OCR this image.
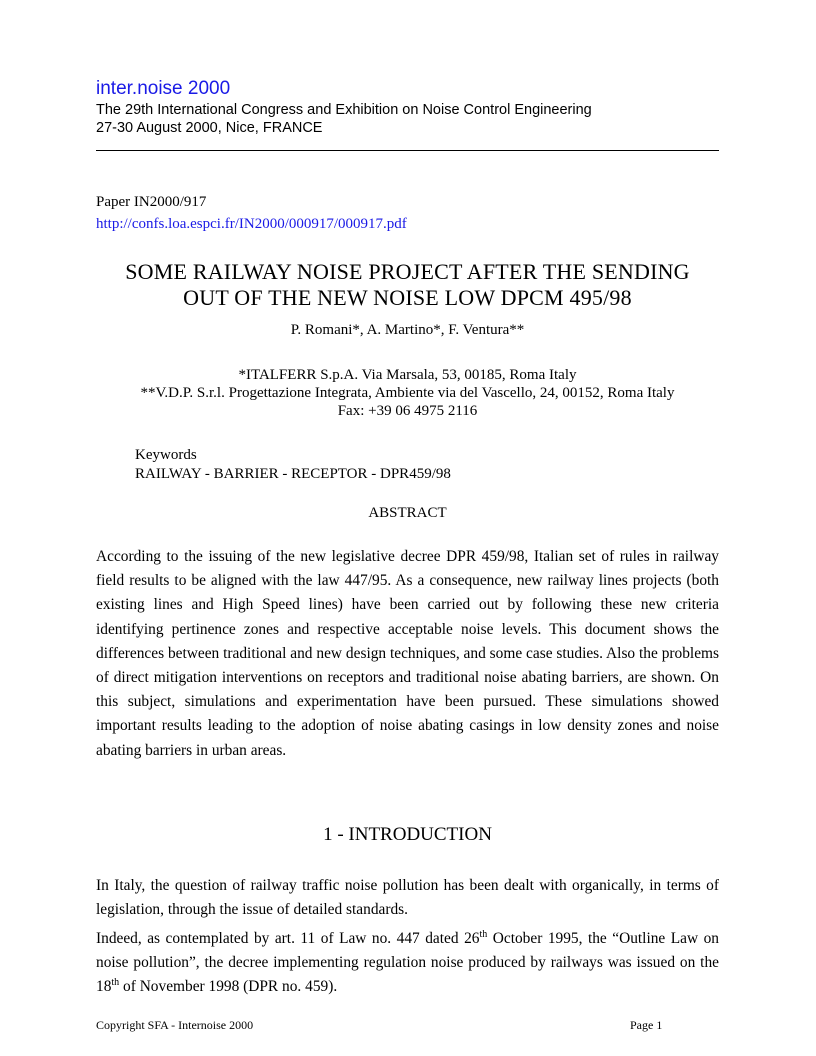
inter.noise 2000
The 29th International Congress and Exhibition on Noise Control Engineering
27-30 August 2000, Nice, FRANCE
Paper IN2000/917
http://confs.loa.espci.fr/IN2000/000917/000917.pdf
SOME RAILWAY NOISE PROJECT AFTER THE SENDING
OUT OF THE NEW NOISE LOW DPCM 495/98
P. Romani*, A. Martino*, F. Ventura**
*ITALFERR S.p.A. Via Marsala, 53, 00185, Roma Italy
**V.D.P. S.r.l. Progettazione Integrata, Ambiente via del Vascello, 24, 00152, Roma Italy
Fax: +39 06 4975 2116
Keywords
RAILWAY - BARRIER - RECEPTOR - DPR459/98
ABSTRACT

According to the issuing of the new legislative decree DPR 459/98, Italian set of rules in railway field results to be aligned with the law 447/95. As a consequence, new railway lines projects (both existing lines and High Speed lines) have been carried out by following these new criteria identifying pertinence zones and respective acceptable noise levels. This document shows the differences between traditional and new design techniques, and some case studies. Also the problems of direct mitigation interventions on receptors and traditional noise abating barriers, are shown. On this subject, simulations and experimentation have been pursued. These simulations showed important results leading to the adoption of noise abating casings in low density zones and noise abating barriers in urban areas.

1 - INTRODUCTION

In Italy, the question of railway traffic noise pollution has been dealt with organically, in terms of legislation, through the issue of detailed standards.

Indeed, as contemplated by art. 11 of Law no. 447 dated 26th October 1995, the “Outline Law on noise pollution”, the decree implementing regulation noise produced by railways was issued on the 18th of November 1998 (DPR no. 459).

Copyright SFA - Internoise 2000	Page 1
